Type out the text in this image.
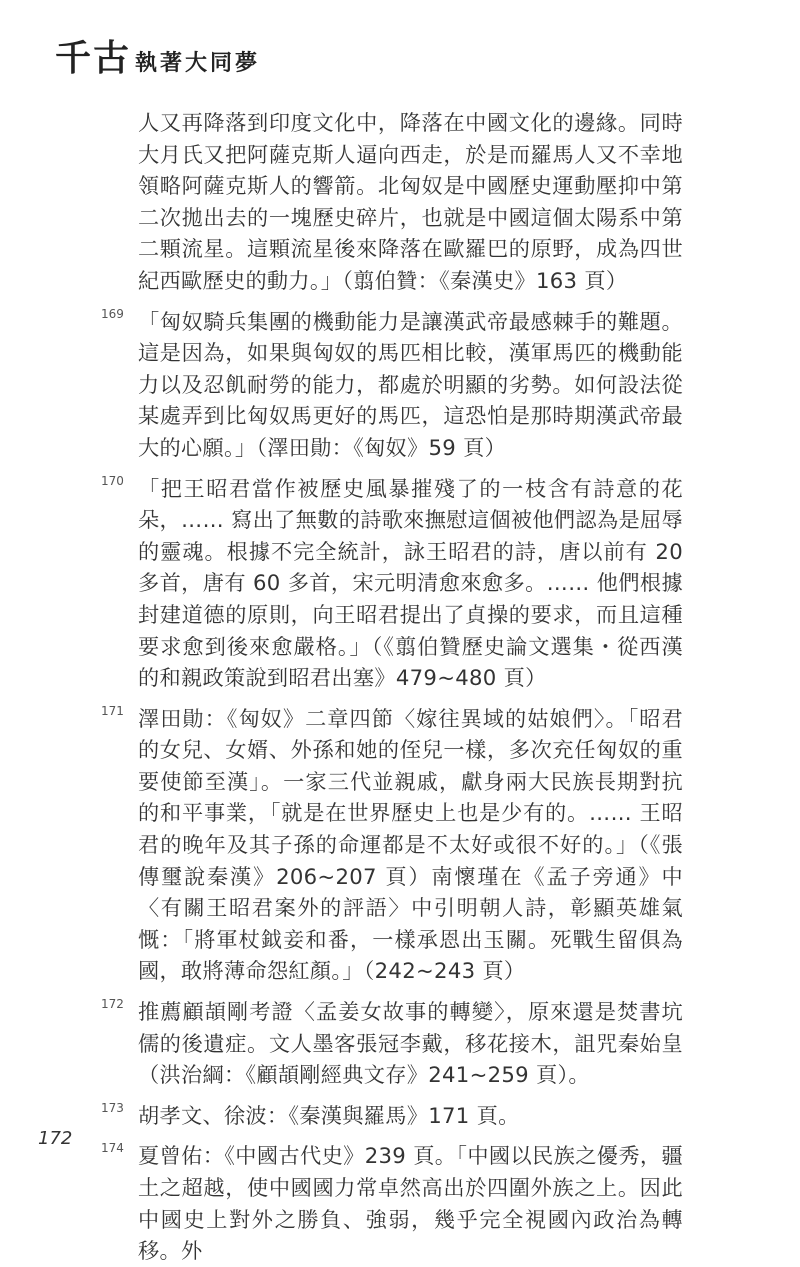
千古 執著大同夢
人又再降落到印度文化中，降落在中國文化的邊緣。同時大月氏又把阿薩克斯人逼向西走，於是而羅馬人又不幸地領略阿薩克斯人的響箭。北匈奴是中國歷史運動壓抑中第二次拋出去的一塊歷史碎片，也就是中國這個太陽系中第二顆流星。這顆流星後來降落在歐羅巴的原野，成為四世紀西歐歷史的動力。」（翦伯贊：《秦漢史》163 頁）
169 「匈奴騎兵集團的機動能力是讓漢武帝最感棘手的難題。這是因為，如果與匈奴的馬匹相比較，漢軍馬匹的機動能力以及忍飢耐勞的能力，都處於明顯的劣勢。如何設法從某處弄到比匈奴馬更好的馬匹，這恐怕是那時期漢武帝最大的心願。」（澤田勛：《匈奴》59 頁）
170 「把王昭君當作被歷史風暴摧殘了的一枝含有詩意的花朵，…… 寫出了無數的詩歌來撫慰這個被他們認為是屈辱的靈魂。根據不完全統計，詠王昭君的詩，唐以前有 20 多首，唐有 60 多首，宋元明清愈來愈多。…… 他們根據封建道德的原則，向王昭君提出了貞操的要求，而且這種要求愈到後來愈嚴格。」（《翦伯贊歷史論文選集・從西漢的和親政策說到昭君出塞》479~480 頁）
171 澤田勛：《匈奴》二章四節〈嫁往異域的姑娘們〉。「昭君的女兒、女婿、外孫和她的侄兒一樣，多次充任匈奴的重要使節至漢」。一家三代並親戚，獻身兩大民族長期對抗的和平事業，「就是在世界歷史上也是少有的。…… 王昭君的晚年及其子孫的命運都是不太好或很不好的。」（《張傳璽說秦漢》206~207 頁）南懷瑾在《孟子旁通》中〈有關王昭君案外的評語〉中引明朝人詩，彰顯英雄氣慨：「將軍杖鉞妾和番，一樣承恩出玉關。死戰生留俱為國，敢將薄命怨紅顏。」（242~243 頁）
172 推薦顧頡剛考證〈孟姜女故事的轉變〉，原來還是焚書坑儒的後遺症。文人墨客張冠李戴，移花接木，詛咒秦始皇（洪治綱：《顧頡剛經典文存》241~259 頁）。
173 胡孝文、徐波：《秦漢與羅馬》171 頁。
174 夏曾佑：《中國古代史》239 頁。「中國以民族之優秀，疆土之超越，使中國國力常卓然高出於四圍外族之上。因此中國史上對外之勝負、強弱，幾乎完全視國內政治為轉移。外
172
